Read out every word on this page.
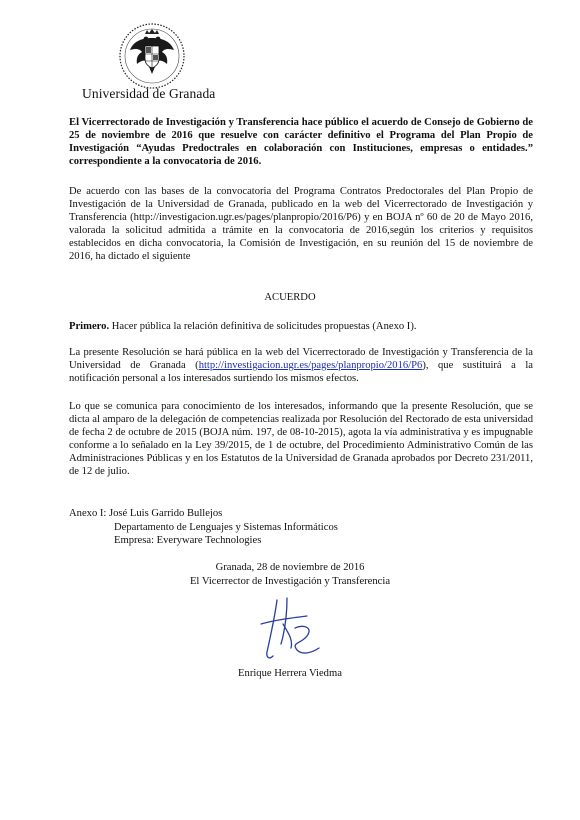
Universidad de Granada

El Vicerrectorado de Investigación y Transferencia hace público el acuerdo de Consejo de Gobierno de 25 de noviembre de 2016 que resuelve con carácter definitivo el Programa del Plan Propio de Investigación “Ayudas Predoctrales en colaboración con Instituciones, empresas o entidades.” correspondiente a la convocatoria de 2016.

De acuerdo con las bases de la convocatoria del Programa Contratos Predoctorales del Plan Propio de Investigación de la Universidad de Granada, publicado en la web del Vicerrectorado de Investigación y Transferencia (http://investigacion.ugr.es/pages/planpropio/2016/P6) y en BOJA nº 60 de 20 de Mayo 2016, valorada la solicitud admitida a trámite en la convocatoria de 2016,según los criterios y requisitos establecidos en dicha convocatoria, la Comisión de Investigación, en su reunión del 15 de noviembre de 2016, ha dictado el siguiente

ACUERDO

Primero. Hacer pública la relación definitiva de solicitudes propuestas (Anexo I).

La presente Resolución se hará pública en la web del Vicerrectorado de Investigación y Transferencia de la Universidad de Granada (http://investigacion.ugr.es/pages/planpropio/2016/P6), que sustituirá a la notificación personal a los interesados surtiendo los mismos efectos.

Lo que se comunica para conocimiento de los interesados, informando que la presente Resolución, que se dicta al amparo de la delegación de competencias realizada por Resolución del Rectorado de esta universidad de fecha 2 de octubre de 2015 (BOJA núm. 197, de 08-10-2015), agota la vía administrativa y es impugnable conforme a lo señalado en la Ley 39/2015, de 1 de octubre, del Procedimiento Administrativo Común de las Administraciones Públicas y en los Estatutos de la Universidad de Granada aprobados por Decreto 231/2011, de 12 de julio.

Anexo I: José Luis Garrido Bullejos
Departamento de Lenguajes y Sistemas Informáticos
Empresa: Everyware Technologies
Granada, 28 de noviembre de 2016
El Vicerrector de Investigación y Transferencia
Enrique Herrera Viedma
